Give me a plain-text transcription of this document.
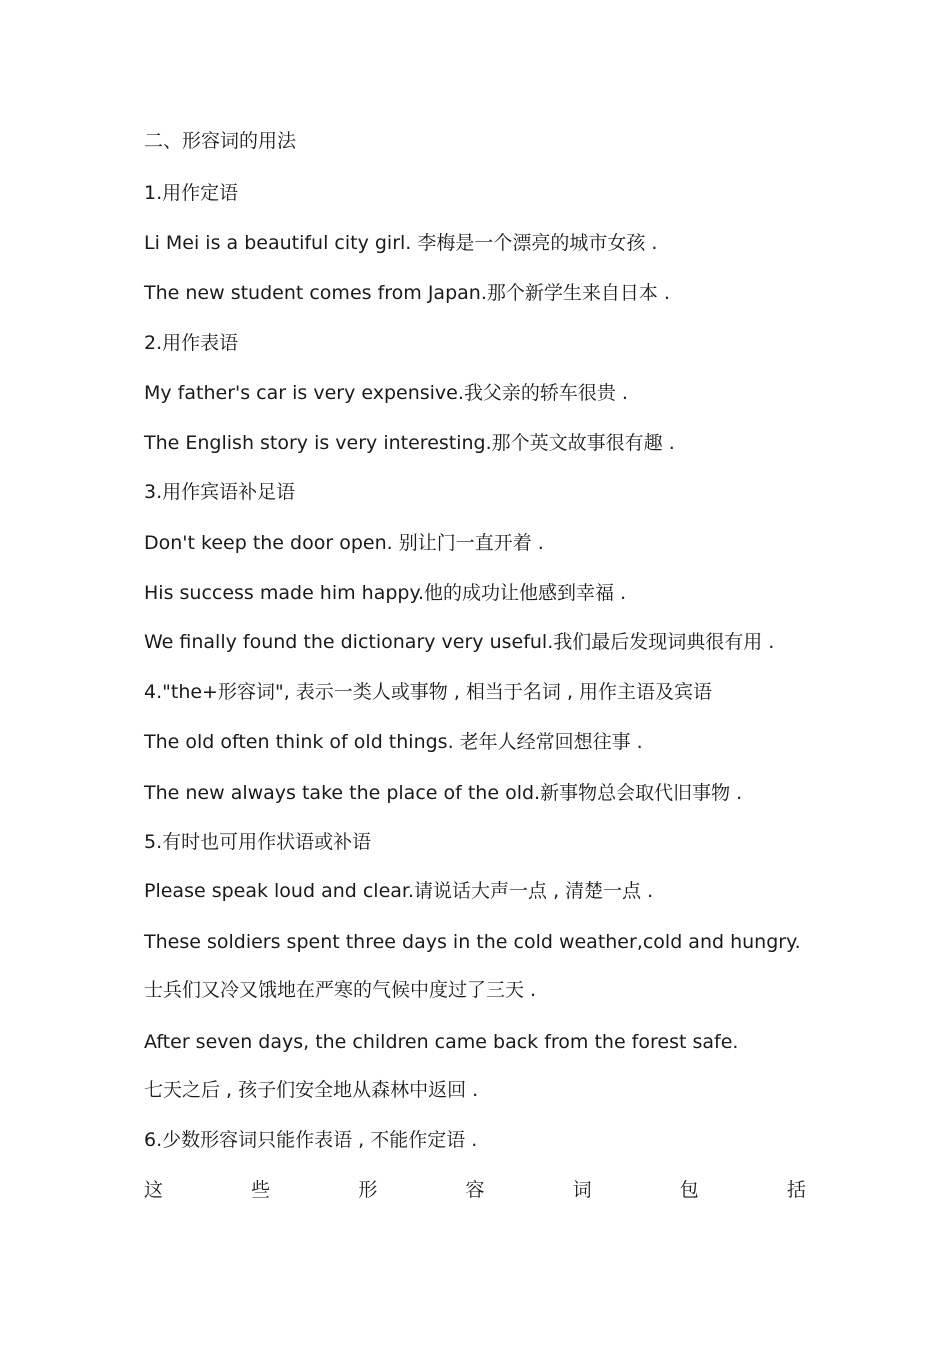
二、形容词的用法
1.用作定语
Li Mei is a beautiful city girl. 李梅是一个漂亮的城市女孩 .
The new student comes from Japan.那个新学生来自日本 .
2.用作表语
My father's car is very expensive.我父亲的轿车很贵 .
The English story is very interesting.那个英文故事很有趣 .
3.用作宾语补足语
Don't keep the door open. 别让门一直开着 .
His success made him happy.他的成功让他感到幸福 .
We finally found the dictionary very useful.我们最后发现词典很有用 .
4."the+形容词", 表示一类人或事物 , 相当于名词 , 用作主语及宾语
The old often think of old things. 老年人经常回想往事 .
The new always take the place of the old.新事物总会取代旧事物 .
5.有时也可用作状语或补语
Please speak loud and clear.请说话大声一点 , 清楚一点 .
These soldiers spent three days in the cold weather,cold and hungry.
士兵们又冷又饿地在严寒的气候中度过了三天 .
After seven days, the children came back from the forest safe.
七天之后 , 孩子们安全地从森林中返回 .
6.少数形容词只能作表语 , 不能作定语 .
这	些	形	容	词	包	括
